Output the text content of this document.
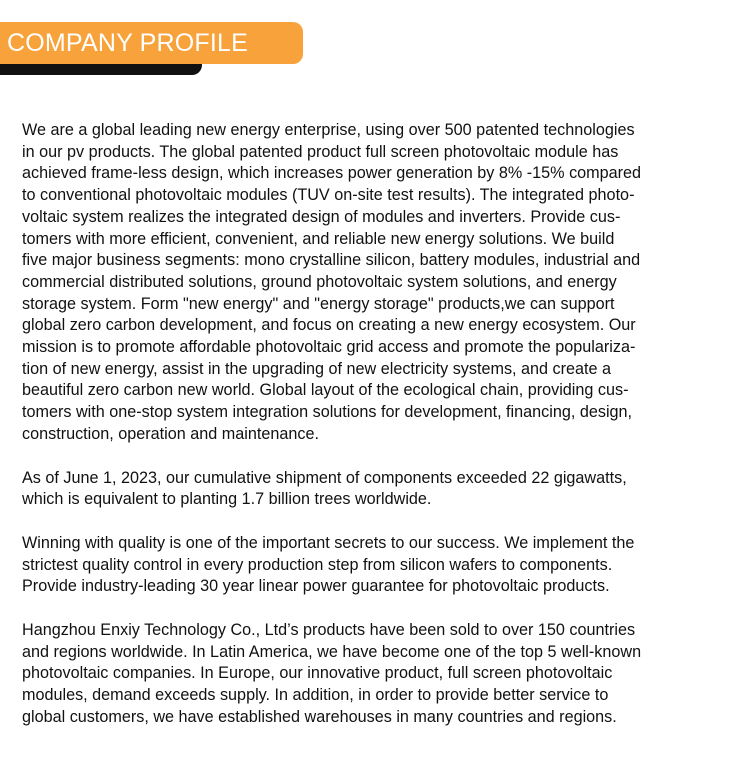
COMPANY PROFILE

We are a global leading new energy enterprise, using over 500 patented technologies
in our pv products. The global patented product full screen photovoltaic module has
achieved frame-less design, which increases power generation by 8% -15% compared
to conventional photovoltaic modules (TUV on-site test results). The integrated photo-
voltaic system realizes the integrated design of modules and inverters. Provide cus-
tomers with more efficient, convenient, and reliable new energy solutions. We build
five major business segments: mono crystalline silicon, battery modules, industrial and
commercial distributed solutions, ground photovoltaic system solutions, and energy
storage system. Form "new energy" and "energy storage" products,we can support
global zero carbon development, and focus on creating a new energy ecosystem. Our
mission is to promote affordable photovoltaic grid access and promote the populariza-
tion of new energy, assist in the upgrading of new electricity systems, and create a
beautiful zero carbon new world. Global layout of the ecological chain, providing cus-
tomers with one-stop system integration solutions for development, financing, design,
construction, operation and maintenance.

As of June 1, 2023, our cumulative shipment of components exceeded 22 gigawatts,
which is equivalent to planting 1.7 billion trees worldwide.

Winning with quality is one of the important secrets to our success. We implement the
strictest quality control in every production step from silicon wafers to components.
Provide industry-leading 30 year linear power guarantee for photovoltaic products.

Hangzhou Enxiy Technology Co., Ltd’s products have been sold to over 150 countries
and regions worldwide. In Latin America, we have become one of the top 5 well-known
photovoltaic companies. In Europe, our innovative product, full screen photovoltaic
modules, demand exceeds supply. In addition, in order to provide better service to
global customers, we have established warehouses in many countries and regions.
